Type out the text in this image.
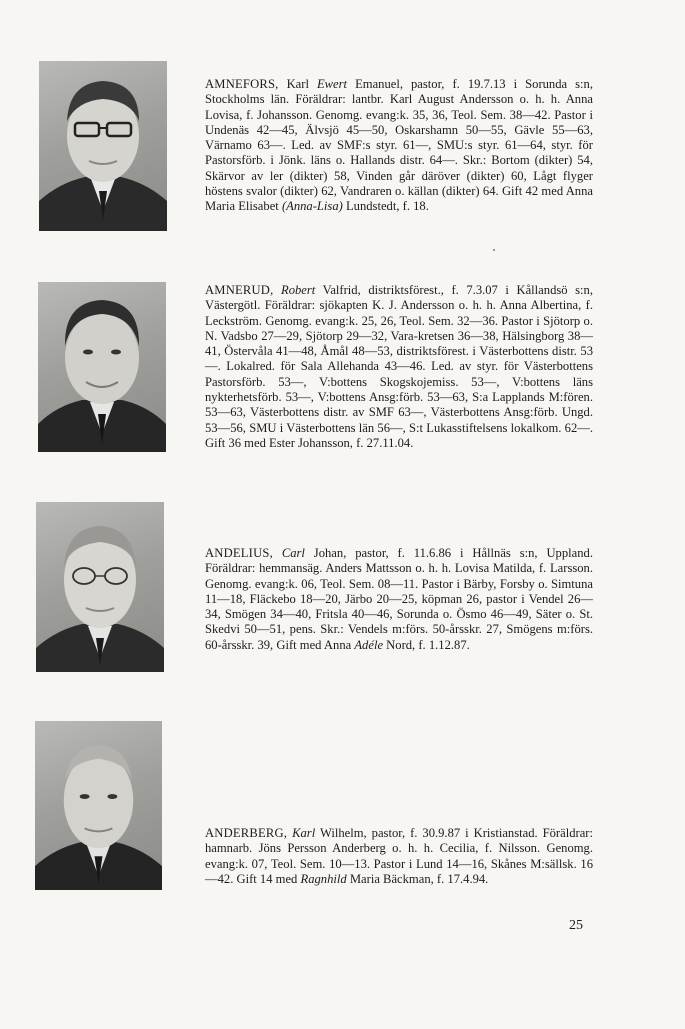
AMNEFORS, Karl Ewert Emanuel, pastor, f. 19.7.13 i Sorunda s:n, Stockholms län. Föräldrar: lantbr. Karl August Andersson o. h. h. Anna Lovisa, f. Johansson. Genomg. evang:k. 35, 36, Teol. Sem. 38—42. Pastor i Undenäs 42—45, Älvsjö 45—50, Oskarshamn 50—55, Gävle 55—63, Värnamo 63—. Led. av SMF:s styr. 61—, SMU:s styr. 61—64, styr. för Pastorsförb. i Jönk. läns o. Hallands distr. 64—. Skr.: Bortom (dikter) 54, Skärvor av ler (dikter) 58, Vinden går däröver (dikter) 60, Lågt flyger höstens svalor (dikter) 62, Vandraren o. källan (dikter) 64. Gift 42 med Anna Maria Elisabet (Anna-Lisa) Lundstedt, f. 18.

AMNERUD, Robert Valfrid, distriktsförest., f. 7.3.07 i Kållandsö s:n, Västergötl. Föräldrar: sjökapten K. J. Andersson o. h. h. Anna Albertina, f. Leckström. Genomg. evang:k. 25, 26, Teol. Sem. 32—36. Pastor i Sjötorp o. N. Vadsbo 27—29, Sjötorp 29—32, Vara-kretsen 36—38, Hälsingborg 38—41, Östervåla 41—48, Åmål 48—53, distriktsförest. i Västerbottens distr. 53—. Lokalred. för Sala Allehanda 43—46. Led. av styr. för Västerbottens Pastorsförb. 53—, V:bottens Skogskojemiss. 53—, V:bottens läns nykterhetsförb. 53—, V:bottens Ansg:förb. 53—63, S:a Lapplands M:fören. 53—63, Västerbottens distr. av SMF 63—, Västerbottens Ansg:förb. Ungd. 53—56, SMU i Västerbottens län 56—, S:t Lukasstiftelsens lokalkom. 62—. Gift 36 med Ester Johansson, f. 27.11.04.

ANDELIUS, Carl Johan, pastor, f. 11.6.86 i Hållnäs s:n, Uppland. Föräldrar: hemmansäg. Anders Mattsson o. h. h. Lovisa Matilda, f. Larsson. Genomg. evang:k. 06, Teol. Sem. 08—11. Pastor i Bärby, Forsby o. Simtuna 11—18, Fläckebo 18—20, Järbo 20—25, köpman 26, pastor i Vendel 26—34, Smögen 34—40, Fritsla 40—46, Sorunda o. Ösmo 46—49, Säter o. St. Skedvi 50—51, pens. Skr.: Vendels m:förs. 50-årsskr. 27, Smögens m:förs. 60-årsskr. 39, Gift med Anna Adéle Nord, f. 1.12.87.

ANDERBERG, Karl Wilhelm, pastor, f. 30.9.87 i Kristianstad. Föräldrar: hamnarb. Jöns Persson Anderberg o. h. h. Cecilia, f. Nilsson. Genomg. evang:k. 07, Teol. Sem. 10—13. Pastor i Lund 14—16, Skånes M:sällsk. 16—42. Gift 14 med Ragnhild Maria Bäckman, f. 17.4.94.

25
